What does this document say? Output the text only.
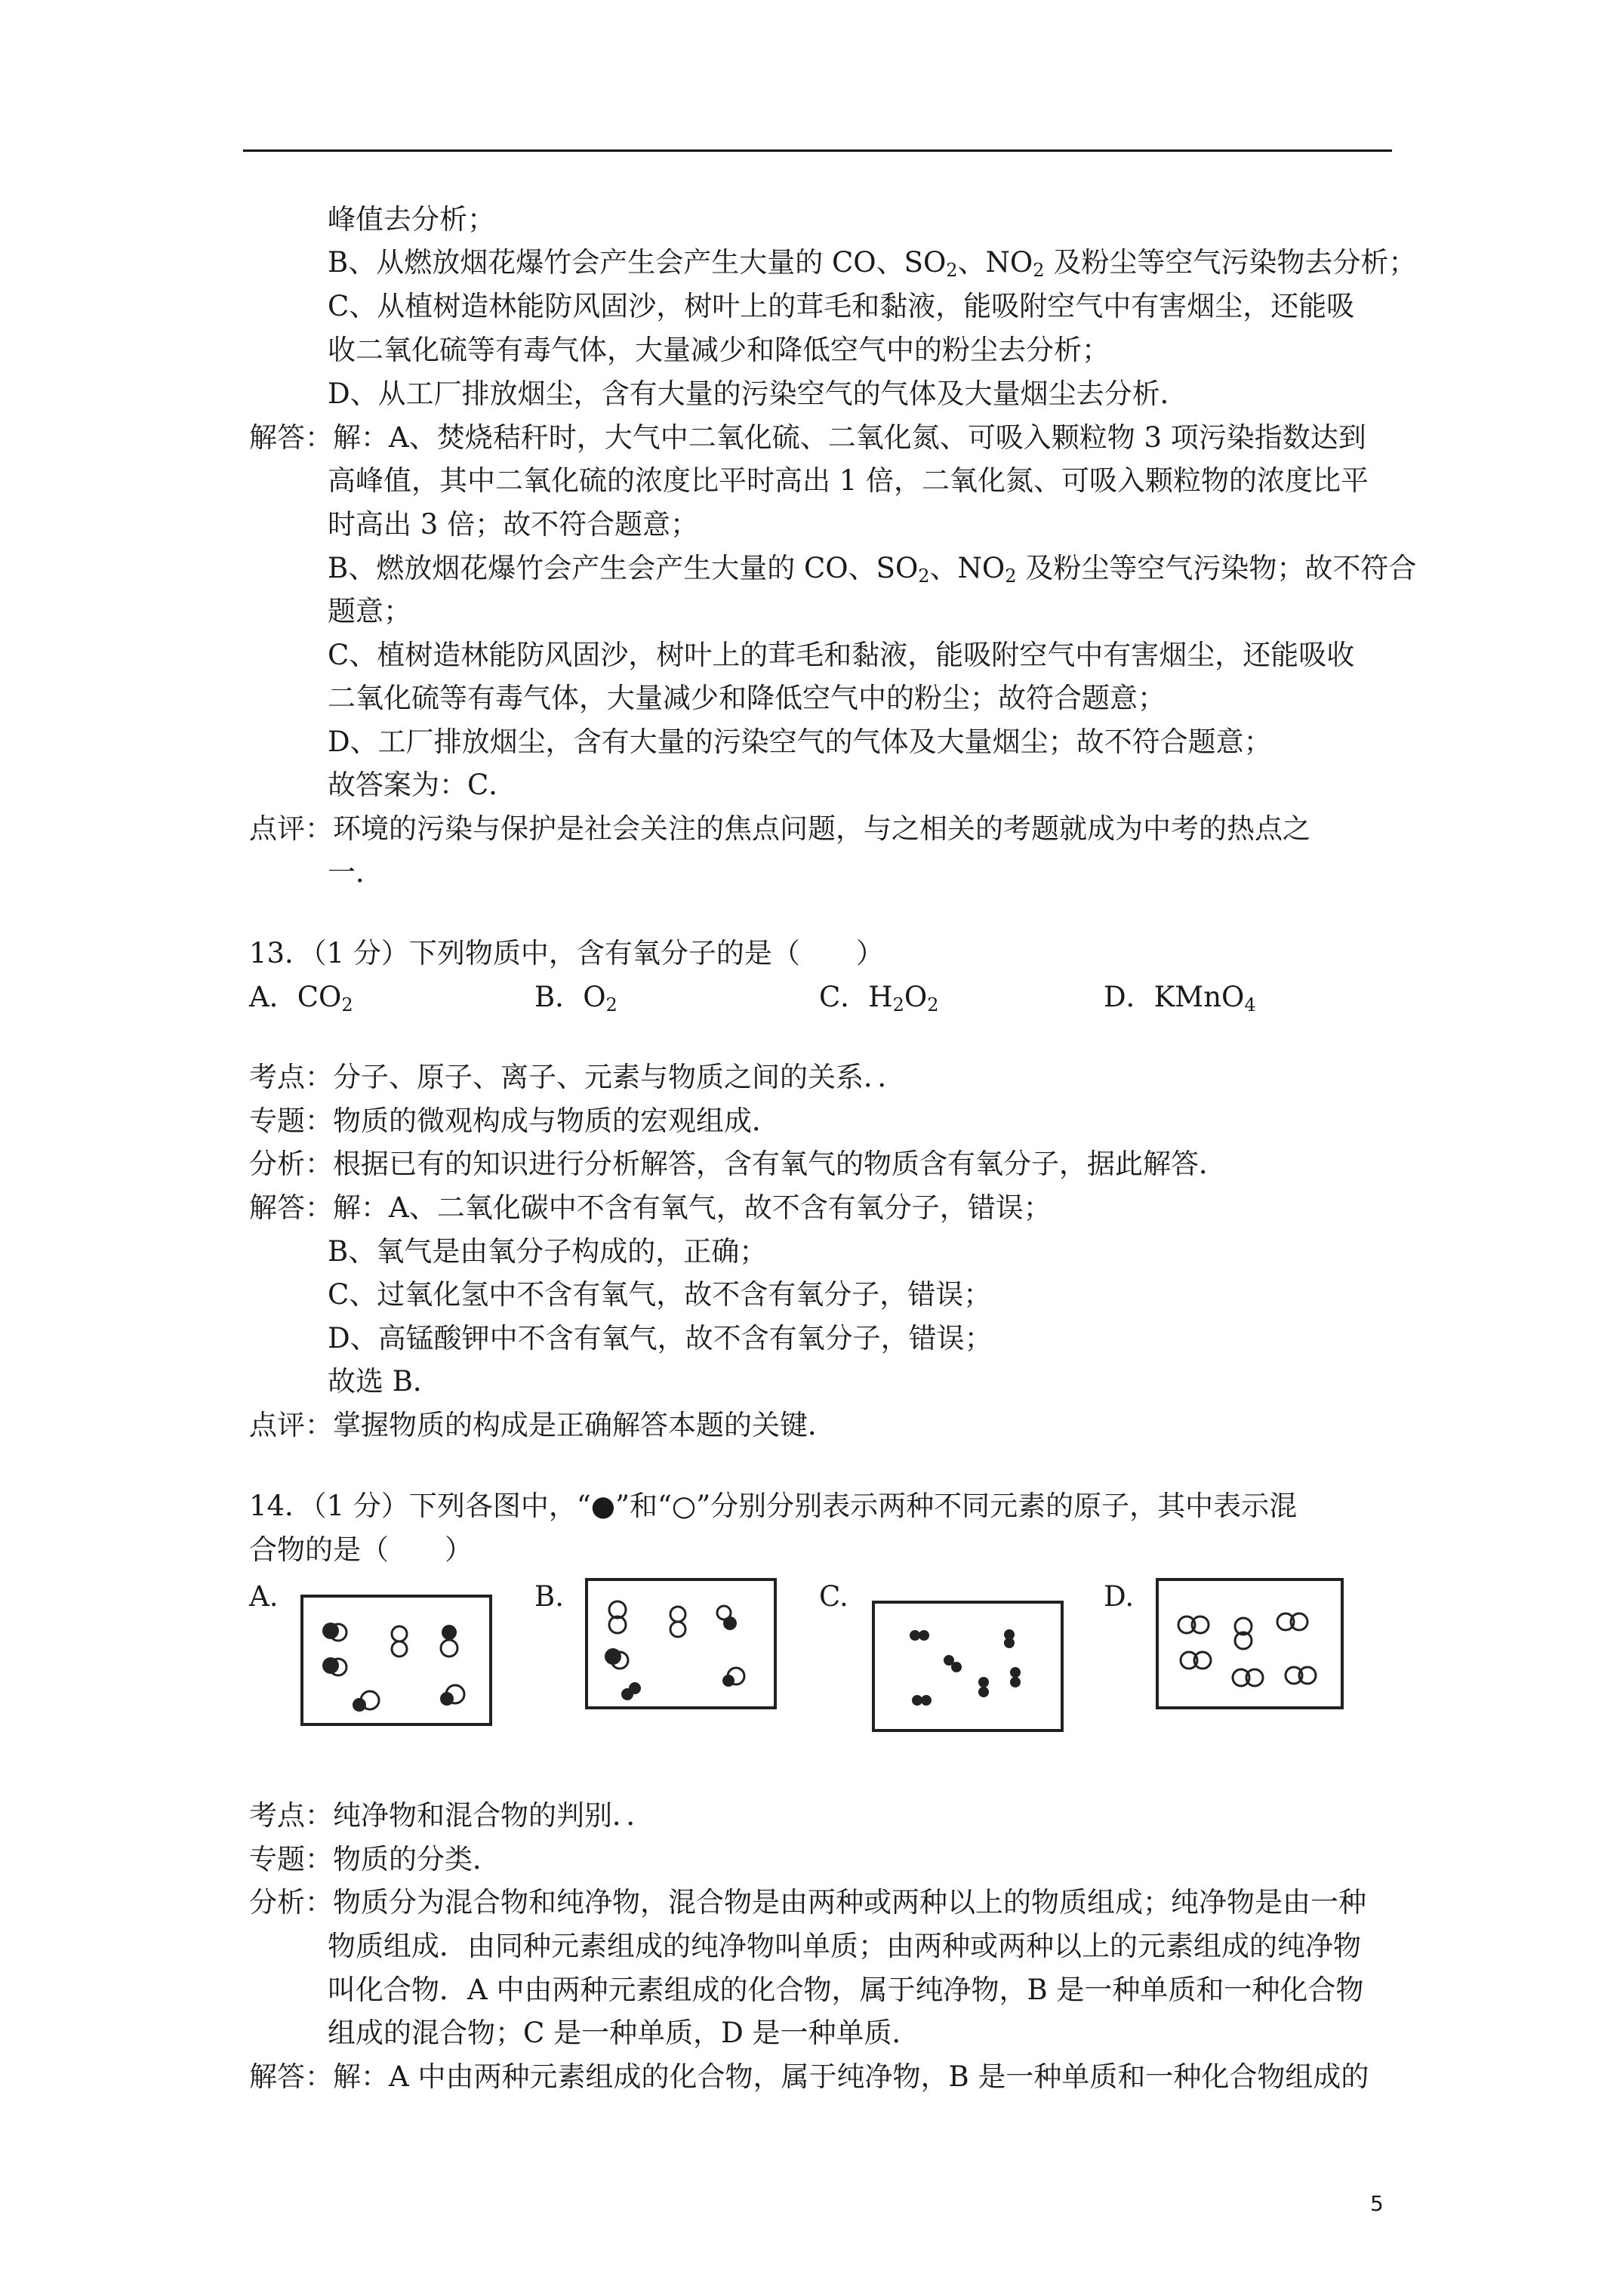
峰值去分析；
B、从燃放烟花爆竹会产生会产生大量的 CO、$SO_2$、$NO_2$ 及粉尘等空气污染物去分析；
C、从植树造林能防风固沙，树叶上的茸毛和黏液，能吸附空气中有害烟尘，还能吸
收二氧化硫等有毒气体，大量减少和降低空气中的粉尘去分析；
D、从工厂排放烟尘，含有大量的污染空气的气体及大量烟尘去分析．
解答：解：A、焚烧秸秆时，大气中二氧化硫、二氧化氮、可吸入颗粒物 3 项污染指数达到
高峰值，其中二氧化硫的浓度比平时高出 1 倍，二氧化氮、可吸入颗粒物的浓度比平
时高出 3 倍；故不符合题意；
B、燃放烟花爆竹会产生会产生大量的 CO、$SO_2$、$NO_2$ 及粉尘等空气污染物；故不符合
题意；
C、植树造林能防风固沙，树叶上的茸毛和黏液，能吸附空气中有害烟尘，还能吸收
二氧化硫等有毒气体，大量减少和降低空气中的粉尘；故符合题意；
D、工厂排放烟尘，含有大量的污染空气的气体及大量烟尘；故不符合题意；
故答案为：C．
点评：环境的污染与保护是社会关注的焦点问题，与之相关的考题就成为中考的热点之
一．
13．（1 分）下列物质中，含有氧分子的是（　　）
A．$CO_2$	B．$O_2$	C．$H_2O_2$	D．KMnO$_4$
考点：分子、原子、离子、元素与物质之间的关系．．
专题：物质的微观构成与物质的宏观组成．
分析：根据已有的知识进行分析解答，含有氧气的物质含有氧分子，据此解答．
解答：解：A、二氧化碳中不含有氧气，故不含有氧分子，错误；
B、氧气是由氧分子构成的，正确；
C、过氧化氢中不含有氧气，故不含有氧分子，错误；
D、高锰酸钾中不含有氧气，故不含有氧分子，错误；
故选 B．
点评：掌握物质的构成是正确解答本题的关键．
14．（1 分）下列各图中，“●”和“○”分别分别表示两种不同元素的原子，其中表示混
合物的是（　　）
A.	B.	C.	D.
考点：纯净物和混合物的判别．．
专题：物质的分类．
分析：物质分为混合物和纯净物，混合物是由两种或两种以上的物质组成；纯净物是由一种
物质组成．由同种元素组成的纯净物叫单质；由两种或两种以上的元素组成的纯净物
叫化合物．A 中由两种元素组成的化合物，属于纯净物，B 是一种单质和一种化合物
组成的混合物；C 是一种单质，D 是一种单质．
解答：解：A 中由两种元素组成的化合物，属于纯净物，B 是一种单质和一种化合物组成的
5
